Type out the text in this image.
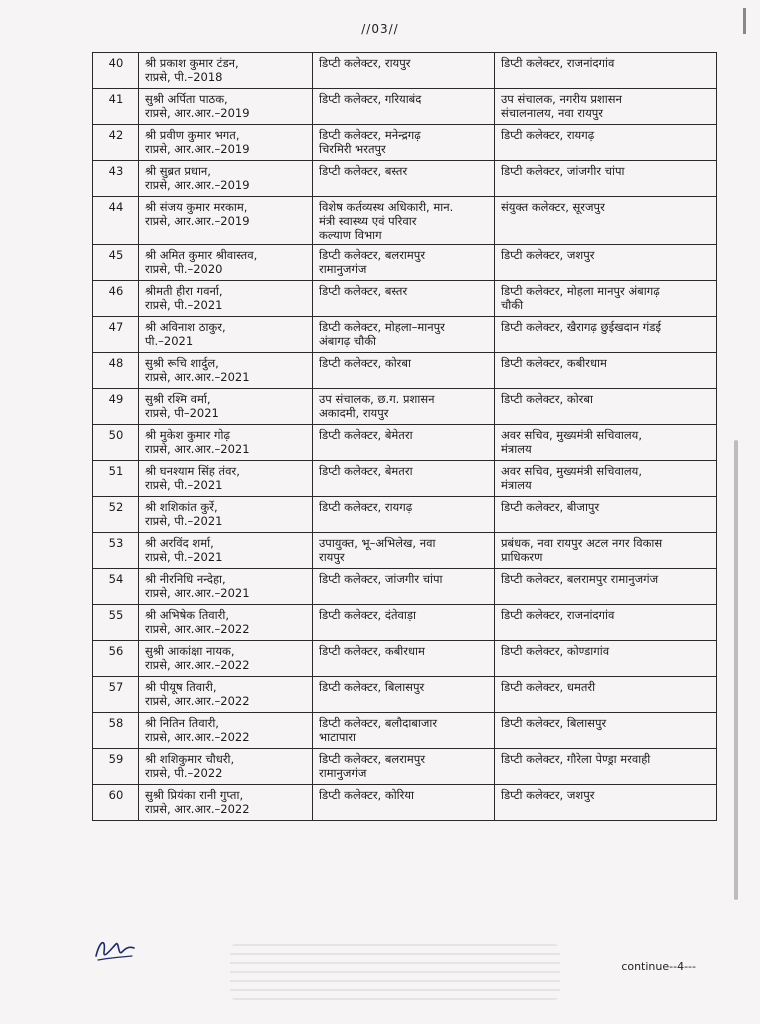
//03//
40	श्री प्रकाश कुमार टंडन,
राप्रसे, पी.–2018	डिप्टी कलेक्टर, रायपुर	डिप्टी कलेक्टर, राजनांदगांव

41	सुश्री अर्पिता पाठक,
राप्रसे, आर.आर.–2019	डिप्टी कलेक्टर, गरियाबंद	उप संचालक, नगरीय प्रशासन
संचालनालय, नवा रायपुर

42	श्री प्रवीण कुमार भगत,
राप्रसे, आर.आर.–2019	डिप्टी कलेक्टर, मनेन्द्रगढ़
चिरमिरी भरतपुर	डिप्टी कलेक्टर, रायगढ़

43	श्री सुब्रत प्रधान,
राप्रसे, आर.आर.–2019	डिप्टी कलेक्टर, बस्तर	डिप्टी कलेक्टर, जांजगीर चांपा

44	श्री संजय कुमार मरकाम,
राप्रसे, आर.आर.–2019	विशेष कर्तव्यस्थ अधिकारी, मान.
मंत्री स्वास्थ्य एवं परिवार
कल्याण विभाग	संयुक्त कलेक्टर, सूरजपुर

45	श्री अमित कुमार श्रीवास्तव,
राप्रसे, पी.–2020	डिप्टी कलेक्टर, बलरामपुर
रामानुजगंज	डिप्टी कलेक्टर, जशपुर

46	श्रीमती हीरा गवर्ना,
राप्रसे, पी.–2021	डिप्टी कलेक्टर, बस्तर	डिप्टी कलेक्टर, मोहला मानपुर अंबागढ़
चौकी

47	श्री अविनाश ठाकुर,
पी.–2021	डिप्टी कलेक्टर, मोहला–मानपुर
अंबागढ़ चौकी	डिप्टी कलेक्टर, खैरागढ़ छुईखदान गंडई

48	सुश्री रूचि शार्दुल,
राप्रसे, आर.आर.–2021	डिप्टी कलेक्टर, कोरबा	डिप्टी कलेक्टर, कबीरधाम

49	सुश्री रश्मि वर्मा,
राप्रसे, पी–2021	उप संचालक, छ.ग. प्रशासन
अकादमी, रायपुर	डिप्टी कलेक्टर, कोरबा

50	श्री मुकेश कुमार गोढ़
राप्रसे, आर.आर.–2021	डिप्टी कलेक्टर, बेमेतरा	अवर सचिव, मुख्यमंत्री सचिवालय,
मंत्रालय

51	श्री घनश्याम सिंह तंवर,
राप्रसे, पी.–2021	डिप्टी कलेक्टर, बेमतरा	अवर सचिव, मुख्यमंत्री सचिवालय,
मंत्रालय

52	श्री शशिकांत कुर्रे,
राप्रसे, पी.–2021	डिप्टी कलेक्टर, रायगढ़	डिप्टी कलेक्टर, बीजापुर

53	श्री अरविंद शर्मा,
राप्रसे, पी.–2021	उपायुक्त, भू–अभिलेख, नवा
रायपुर	प्रबंधक, नवा रायपुर अटल नगर विकास
प्राधिकरण

54	श्री नीरनिधि नन्देहा,
राप्रसे, आर.आर.–2021	डिप्टी कलेक्टर, जांजगीर चांपा	डिप्टी कलेक्टर, बलरामपुर रामानुजगंज

55	श्री अभिषेक तिवारी,
राप्रसे, आर.आर.–2022	डिप्टी कलेक्टर, दंतेवाड़ा	डिप्टी कलेक्टर, राजनांदगांव

56	सुश्री आकांक्षा नायक,
राप्रसे, आर.आर.–2022	डिप्टी कलेक्टर, कबीरधाम	डिप्टी कलेक्टर, कोण्डागांव

57	श्री पीयूष तिवारी,
राप्रसे, आर.आर.–2022	डिप्टी कलेक्टर, बिलासपुर	डिप्टी कलेक्टर, धमतरी

58	श्री नितिन तिवारी,
राप्रसे, आर.आर.–2022	डिप्टी कलेक्टर, बलौदाबाजार
भाटापारा	डिप्टी कलेक्टर, बिलासपुर

59	श्री शशिकुमार चौधरी,
राप्रसे, पी.–2022	डिप्टी कलेक्टर, बलरामपुर
रामानुजगंज	डिप्टी कलेक्टर, गौरेला पेण्ड्रा मरवाही

60	सुश्री प्रियंका रानी गुप्ता,
राप्रसे, आर.आर.–2022	डिप्टी कलेक्टर, कोरिया	डिप्टी कलेक्टर, जशपुर
continue--4---
